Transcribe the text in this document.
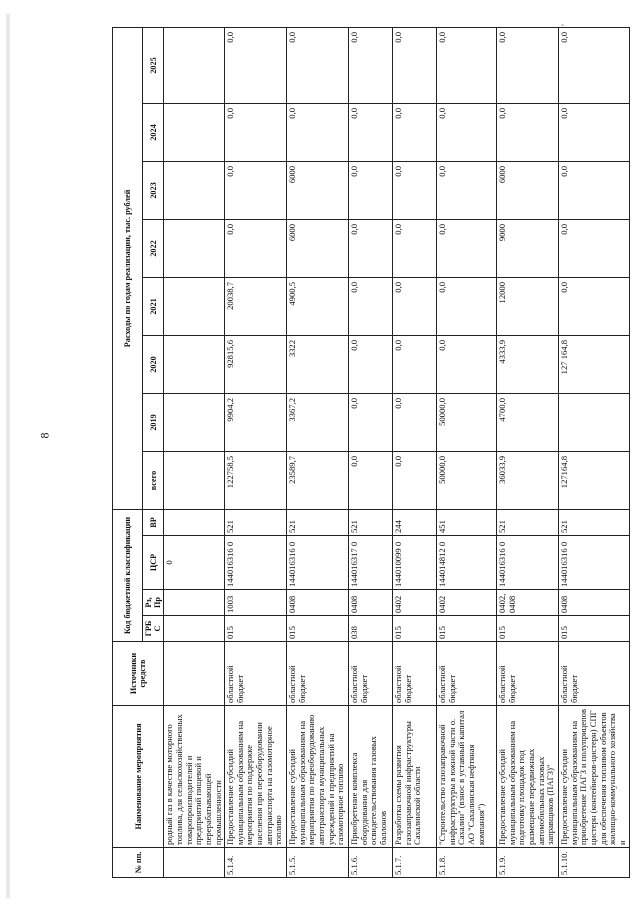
8
˜
№ пп.	Наименование мероприятия	Источники средств	Код бюджетной классификации				Расходы по годам реализации, тыс. рублей							
			ГРБС	Рз, Пр	ЦСР	ВР	всего	2019	2020	2021	2022	2023	2024	2025
	родный газ в качестве моторного топлива, для сельскохозяйственных товаропроизводителей и предприятий пищевой и перерабатывающей промышленности				0									
5.1.4.	Предоставление субсидий муниципальным образованиям на мероприятия по поддержке населения при переоборудовании автотранспорта на газомоторное топливо	областной бюджет	015	1003	144016316 0	521	122758,5	9904,2	92815,6	20038,7	0,0	0,0	0,0	0,0
5.1.5.	Предоставление субсидий муниципальным образованиям на мероприятия по переоборудованию автотранспорта муниципальных учреждений и предприятий на газомоторное топливо	областной бюджет	015	0408	144016316 0	521	23589,7	3367,2	3322	4900,5	6000	6000	0,0	0,0
5.1.6.	Приобретение комплекса оборудования для освидетельствования газовых баллонов	областной бюджет	038	0408	144016317 0	521	0,0	0,0	0,0	0,0	0,0	0,0	0,0	0,0
5.1.7.	Разработка схемы развития газозаправочной инфраструктуры Сахалинской области	областной бюджет	015	0402	144010099 0	244	0,0	0,0	0,0	0,0	0,0	0,0	0,0	0,0
5.1.8.	"Строительство газозаправочной инфраструктуры в южной части о. Сахалин" (взнос в уставный капитал АО "Сахалинская нефтяная компания")	областной бюджет	015	0402	144014812 0	451	50000,0	50000,0	0,0	0,0	0,0	0,0	0,0	0,0
5.1.9.	Предоставление субсидий муниципальным образованиям на подготовку площадок под размещение передвижных автомобильных газовых заправщиков (ПАГЗ)"	областной бюджет	015	0402, 0408	144016316 0	521	36033,9	4700,0	4333,9	12000	9000	6000	0,0	0,0
5.1.10.	Предоставление субсидии муниципальным образованиям на приобретение ПАГЗ и полуприцепов цистерн (контейнеров-цистерн) СПГ для обеспечения топливом объектов жилищно-коммунального хозяйства и	областной бюджет	015	0408	144016316 0	521	127164,8		127 164,8	0,0	0,0	0,0	0,0	0,0
